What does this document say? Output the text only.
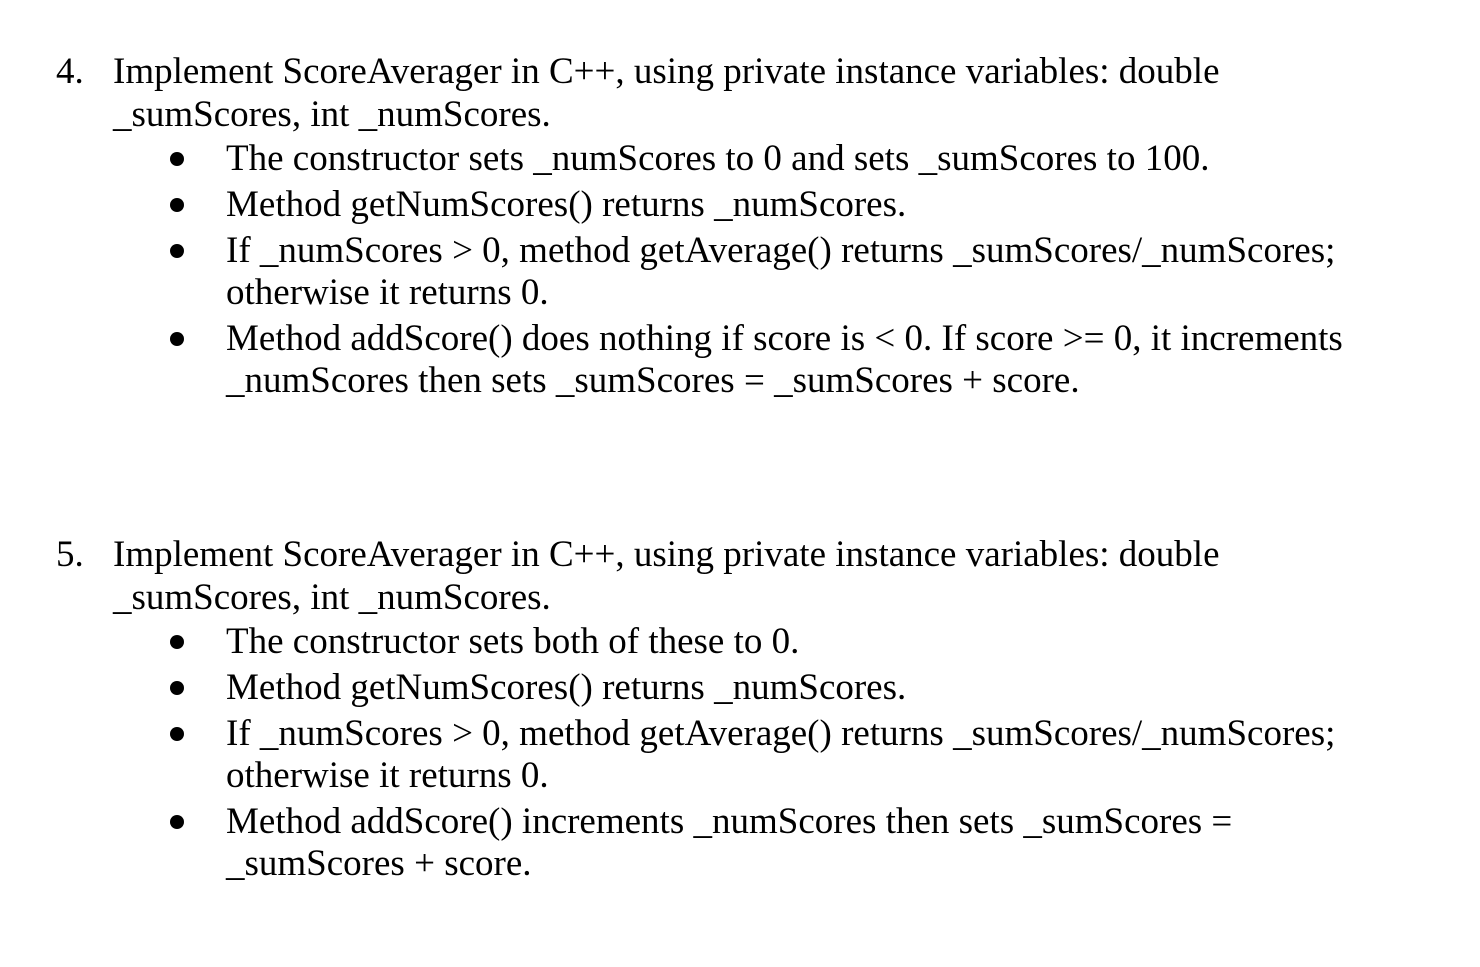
4. Implement ScoreAverager in C++, using private instance variables: double _sumScores, int _numScores.
The constructor sets _numScores to 0 and sets _sumScores to 100.
Method getNumScores() returns _numScores.
If _numScores > 0, method getAverage() returns _sumScores/_numScores; otherwise it returns 0.
Method addScore() does nothing if score is < 0. If score >= 0, it increments _numScores then sets _sumScores = _sumScores + score.
5. Implement ScoreAverager in C++, using private instance variables: double _sumScores, int _numScores.
The constructor sets both of these to 0.
Method getNumScores() returns _numScores.
If _numScores > 0, method getAverage() returns _sumScores/_numScores; otherwise it returns 0.
Method addScore() increments _numScores then sets _sumScores = _sumScores + score.
